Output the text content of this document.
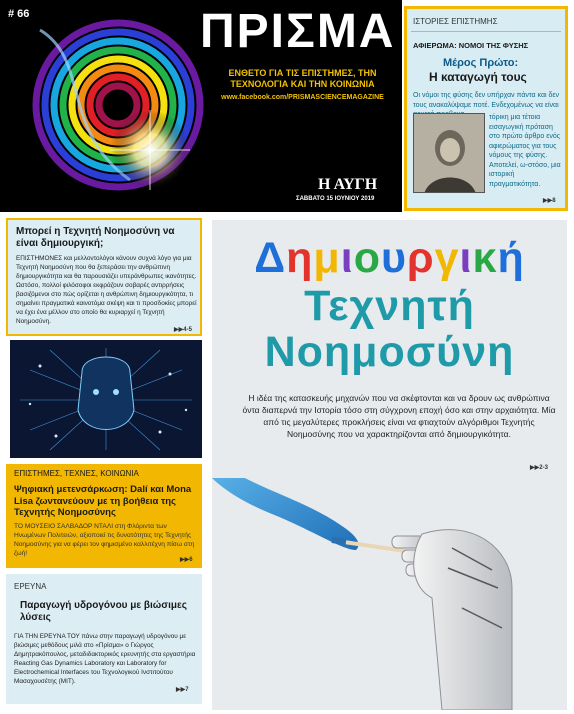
# 66	ΠΡΙΣΜΑ
ΕΝΘΕΤΟ ΓΙΑ ΤΙΣ ΕΠΙΣΤΗΜΕΣ, ΤΗΝ ΤΕΧΝΟΛΟΓΙΑ ΚΑΙ ΤΗΝ ΚΟΙΝΩΝΙΑ
www.facebook.com/PRISMASCIENCEMAGAZINE
Η ΑΥΓΗ
ΣΑΒΒΑΤΟ 15 ΙΟΥΝΙΟΥ 2019
ΙΣΤΟΡΙΕΣ ΕΠΙΣΤΗΜΗΣ
ΑΦΙΕΡΩΜΑ: ΝΟΜΟΙ ΤΗΣ ΦΥΣΗΣ
Μέρος Πρώτο:
Η καταγωγή τους
Οι νόμοι της φύσης δεν υπήρχαν πάντα και δεν τους ανακαλύψαμε ποτέ. Ενδεχομένως να είναι
τόρικη μια τέτοια εισαγωγική πρόταση στο πρώτο άρθρο ενός αφιερώματος για τους νόμους της φύσης. Αποτελεί, ω-στόσο, μια ιστορική πραγματικότητα.
▶▶8
Μπορεί η Τεχνητή Νοημοσύνη να είναι δημιουργική;
ΕΠΙΣΤΗΜΟΝΕΣ και μελλοντολόγοι κάνουν συχνά λόγο για μια Τεχνητή Νοημοσύνη που θα ξεπεράσει την ανθρώπινη δημιουργικότητα και θα παρουσιάζει υπεράνθρωπες ικανότητες. Ωστόσο, πολλοί φιλόσοφοι εκφράζουν σοβαρές αντιρρήσεις βασιζόμενοι στο πώς ορίζεται η ανθρώπινη δημιουργικότητα, τι σημαίνει πραγματικά καινοτόμα σκέψη και τι προσδοκίες μπορεί να έχει ένα μέλλον στο οποίο θα κυριαρχεί η Τεχνητή Νοημοσύνη.
▶▶4-5
ΕΠΙΣΤΗΜΕΣ, ΤΕΧΝΕΣ, ΚΟΙΝΩΝΙΑ
Ψηφιακή μετενσάρκωση: Dalí και Mona Lisa ζωντανεύουν με τη βοήθεια της Τεχνητής Νοημοσύνης
ΤΟ ΜΟΥΣΕΙΟ ΣΑΛΒΑΔΟΡ ΝΤΑΛΙ στη Φλόριντα των Ηνωμένων Πολιτειών, αξιοποιεί τις δυνατότητες της Τεχνητής Νοημοσύνης για να φέρει τον φημισμένο καλλιτέχνη πίσω στη ζωή!
▶▶6
ΕΡΕΥΝΑ
Παραγωγή υδρογόνου με βιώσιμες λύσεις
ΓΙΑ ΤΗΝ ΕΡΕΥΝΑ ΤΟΥ πάνω στην παραγωγή υδρογόνου με βιώσιμες μεθόδους μιλά στο «Πρίσμα» ο Γιώργος Δημητρακόπουλος, μεταδιδακτορικός ερευνητής στα εργαστήρια Reacting Gas Dynamics Laboratory και Laboratory for Electrochemical Interfaces του Τεχνολογικού Ινστιτούτου Μασαχουσέτης (MIT).
▶▶7
Δημιουργική
Τεχνητή
Νοημοσύνη
Η ιδέα της κατασκευής μηχανών που να σκέφτονται και να δρουν ως ανθρώπινα όντα διαπερνά την Ιστορία τόσο στη σύγχρονη εποχή όσο και στην αρχαιότητα. Μία από τις μεγαλύτερες προκλήσεις είναι να φτιαχτούν αλγόριθμοι Τεχνητής Νοημοσύνης που να χαρακτηρίζονται από δημιουργικότητα.
▶▶2-3
